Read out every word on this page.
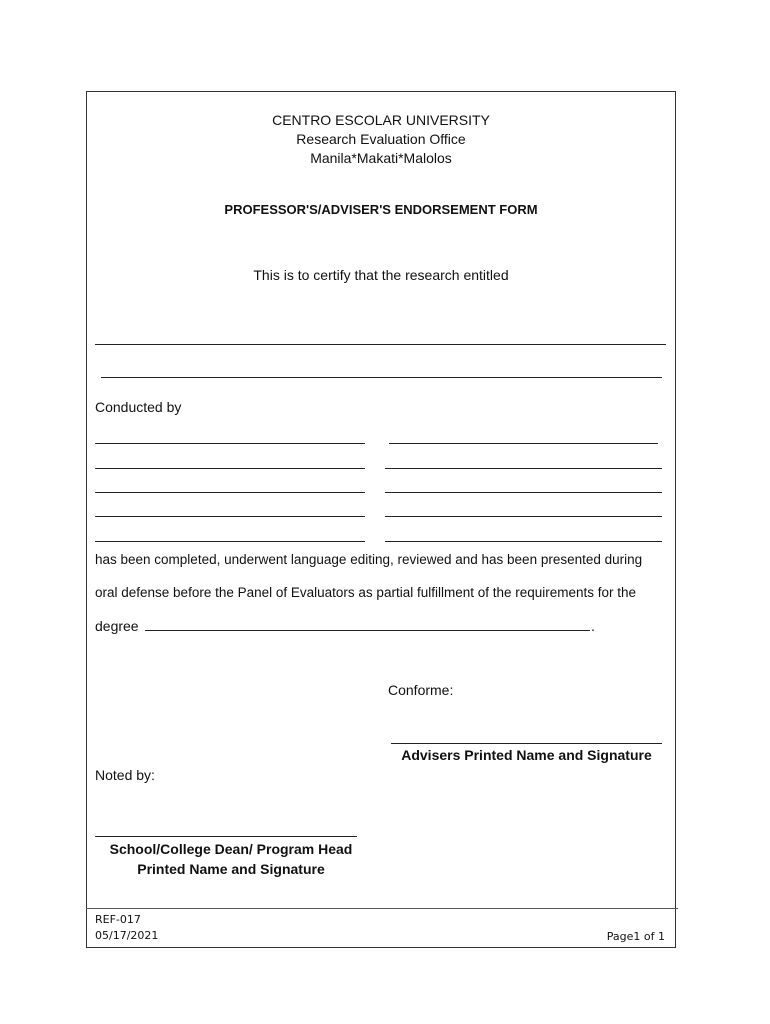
CENTRO ESCOLAR UNIVERSITY
Research Evaluation Office
Manila*Makati*Malolos
PROFESSOR'S/ADVISER'S ENDORSEMENT FORM
This is to certify that the research entitled
Conducted by
has been completed, underwent language editing, reviewed and has been presented during
oral defense before the Panel of Evaluators as partial fulfillment of the requirements for the
degree	.
Conforme:
Advisers Printed Name and Signature
Noted by:
School/College Dean/ Program Head
Printed Name and Signature
REF-017
05/17/2021	Page1 of 1
